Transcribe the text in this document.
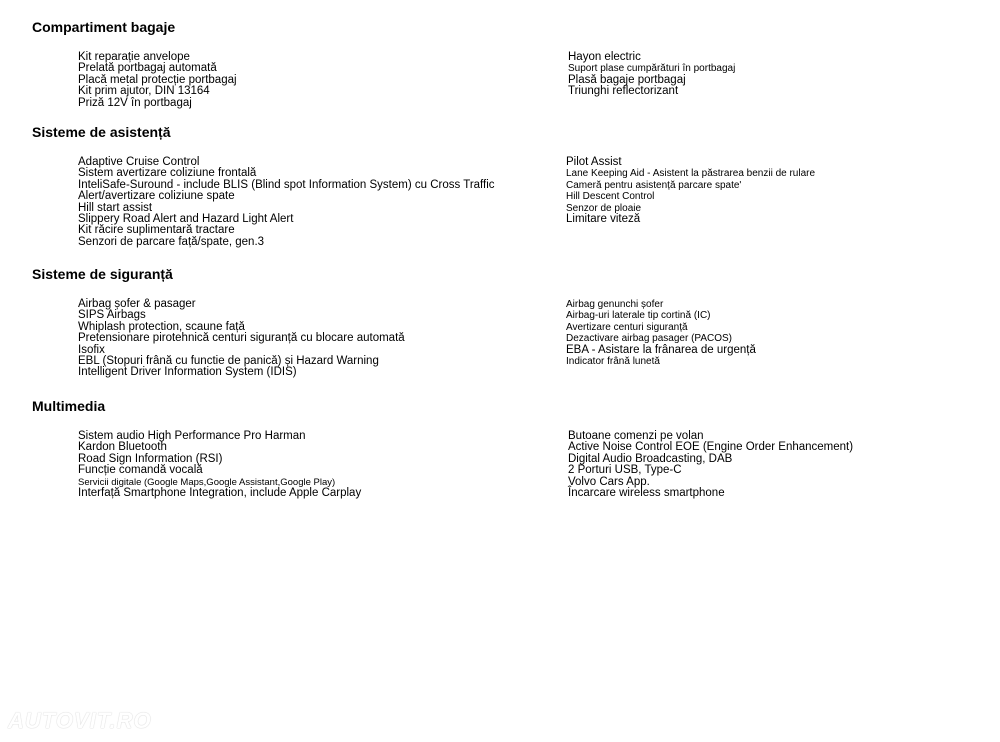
Compartiment bagaje
Kit reparație anvelope
Prelată portbagaj automată
Placă metal protecție portbagaj
Kit prim ajutor, DIN 13164
Priză 12V în portbagaj
Hayon electric
Suport plase cumpărături în portbagaj
Plasă bagaje portbagaj
Triunghi reflectorizant
Sisteme de asistență
Adaptive Cruise Control
Sistem avertizare coliziune frontală
InteliSafe-Suround - include BLIS (Blind spot Information System) cu Cross Traffic
Alert/avertizare coliziune spate
Hill start assist
Slippery Road Alert and Hazard Light Alert
Kit răcire suplimentară tractare
Senzori de parcare față/spate, gen.3
Pilot Assist
Lane Keeping Aid - Asistent la păstrarea benzii de rulare
Cameră pentru asistență parcare spate'
Hill Descent Control
Senzor de ploaie
Limitare viteză
Sisteme de siguranță
Airbag șofer & pasager
SIPS Airbags
Whiplash protection, scaune față
Pretensionare pirotehnică centuri siguranță cu blocare automată
Isofix
EBL (Stopuri frână cu functie de panică) și Hazard Warning
Intelligent Driver Information System (IDIS)
Airbag genunchi șofer
Airbag-uri laterale tip cortină (IC)
Avertizare centuri siguranță
Dezactivare airbag pasager (PACOS)
EBA - Asistare la frânarea de urgență
Indicator frână lunetă
Multimedia
Sistem audio High Performance Pro Harman
Kardon Bluetooth
Road Sign Information (RSI)
Funcție comandă vocală
Servicii digitale (Google Maps,Google Assistant,Google Play)
Interfață Smartphone Integration, include Apple Carplay
Butoane comenzi pe volan
Active Noise Control EOE (Engine Order Enhancement)
Digital Audio Broadcasting, DAB
2 Porturi USB, Type-C
Volvo Cars App.
Încarcare wireless smartphone
AUTOVIT.RO
